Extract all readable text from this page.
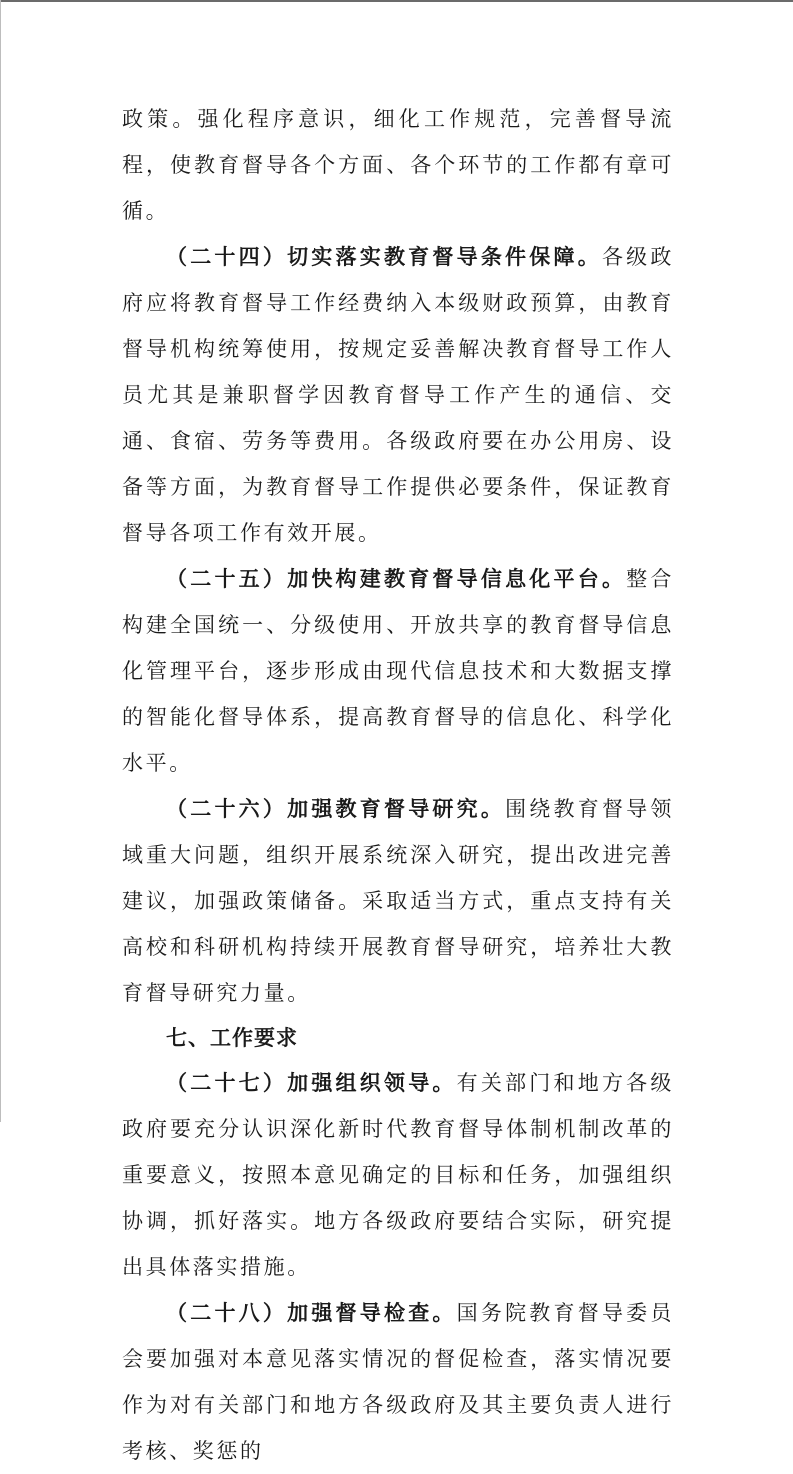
政策。强化程序意识，细化工作规范，完善督导流程，使教育督导各个方面、各个环节的工作都有章可循。

（二十四）切实落实教育督导条件保障。各级政府应将教育督导工作经费纳入本级财政预算，由教育督导机构统筹使用，按规定妥善解决教育督导工作人员尤其是兼职督学因教育督导工作产生的通信、交通、食宿、劳务等费用。各级政府要在办公用房、设备等方面，为教育督导工作提供必要条件，保证教育督导各项工作有效开展。

（二十五）加快构建教育督导信息化平台。整合构建全国统一、分级使用、开放共享的教育督导信息化管理平台，逐步形成由现代信息技术和大数据支撑的智能化督导体系，提高教育督导的信息化、科学化水平。

（二十六）加强教育督导研究。围绕教育督导领域重大问题，组织开展系统深入研究，提出改进完善建议，加强政策储备。采取适当方式，重点支持有关高校和科研机构持续开展教育督导研究，培养壮大教育督导研究力量。

七、工作要求

（二十七）加强组织领导。有关部门和地方各级政府要充分认识深化新时代教育督导体制机制改革的重要意义，按照本意见确定的目标和任务，加强组织协调，抓好落实。地方各级政府要结合实际，研究提出具体落实措施。

（二十八）加强督导检查。国务院教育督导委员会要加强对本意见落实情况的督促检查，落实情况要作为对有关部门和地方各级政府及其主要负责人进行考核、奖惩的
